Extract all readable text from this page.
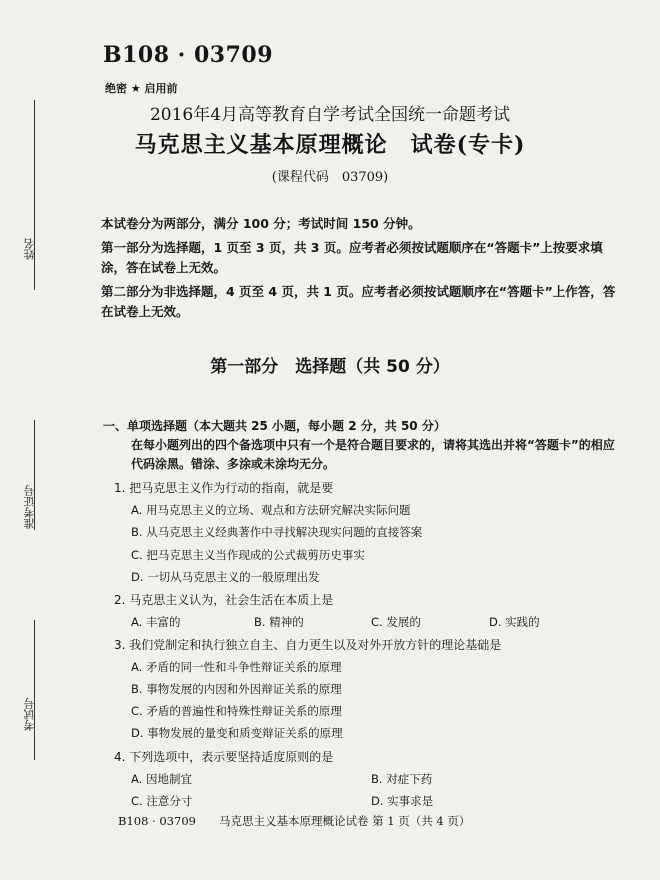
姓名
准考证号
考试号
B108 · 03709
绝密 ★ 启用前
2016年4月高等教育自学考试全国统一命题考试
马克思主义基本原理概论　试卷(专卡)
(课程代码　03709)

本试卷分为两部分，满分 100 分；考试时间 150 分钟。

第一部分为选择题，1 页至 3 页，共 3 页。应考者必须按试题顺序在“答题卡”上按要求填涂，答在试卷上无效。

第二部分为非选择题，4 页至 4 页，共 1 页。应考者必须按试题顺序在“答题卡”上作答，答在试卷上无效。

第一部分　选择题（共 50 分）
一、单项选择题（本大题共 25 小题，每小题 2 分，共 50 分）
在每小题列出的四个备选项中只有一个是符合题目要求的，请将其选出并将“答题卡”的相应代码涂黑。错涂、多涂或未涂均无分。
1. 把马克思主义作为行动的指南，就是要
A. 用马克思主义的立场、观点和方法研究解决实际问题
B. 从马克思主义经典著作中寻找解决现实问题的直接答案
C. 把马克思主义当作现成的公式裁剪历史事实
D. 一切从马克思主义的一般原理出发
2. 马克思主义认为，社会生活在本质上是
A. 丰富的	B. 精神的	C. 发展的	D. 实践的
3. 我们党制定和执行独立自主、自力更生以及对外开放方针的理论基础是
A. 矛盾的同一性和斗争性辩证关系的原理
B. 事物发展的内因和外因辩证关系的原理
C. 矛盾的普遍性和特殊性辩证关系的原理
D. 事物发展的量变和质变辩证关系的原理
4. 下列选项中，表示要坚持适度原则的是
A. 因地制宜	B. 对症下药
C. 注意分寸	D. 实事求是
B108 · 03709　　马克思主义基本原理概论试卷 第 1 页（共 4 页）
